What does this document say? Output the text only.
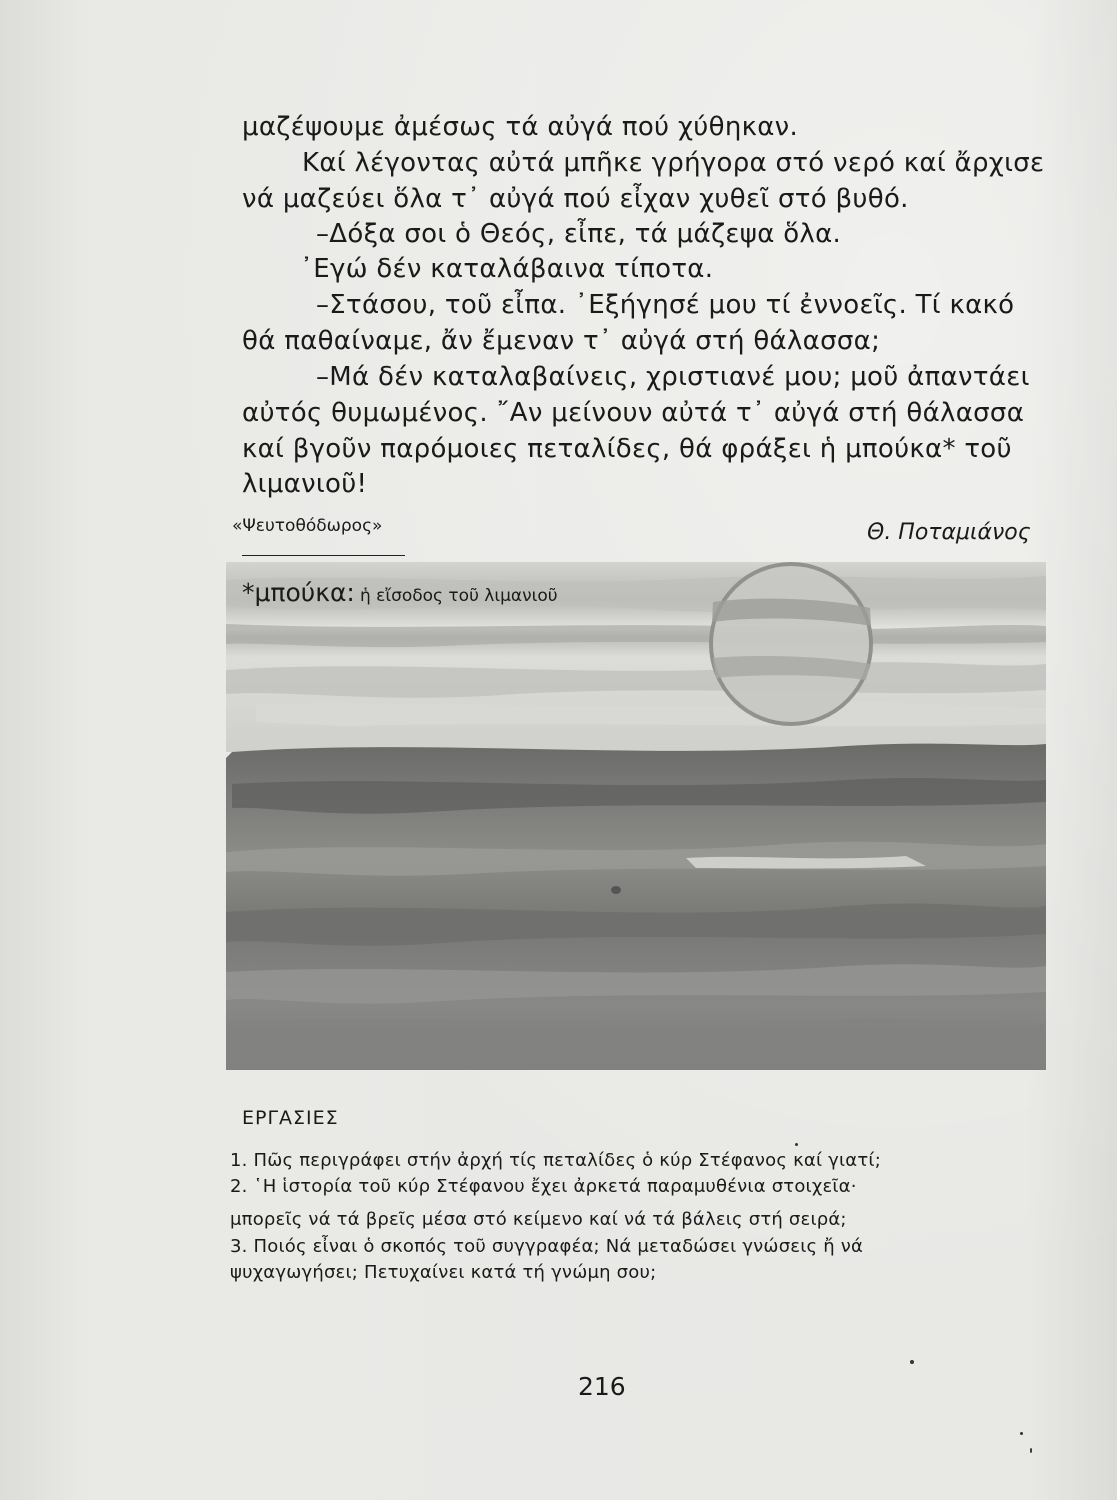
μαζέψουμε ἀμέσως τά αὐγά πού χύθηκαν.
Καί λέγοντας αὐτά μπῆκε γρήγορα στό νερό καί ἄρχισε
νά μαζεύει ὅλα τ᾽ αὐγά πού εἶχαν χυθεῖ στό βυθό.
–Δόξα σοι ὁ Θεός, εἶπε, τά μάζεψα ὅλα.
᾽Εγώ δέν καταλάβαινα τίποτα.
–Στάσου, τοῦ εἶπα. ᾽Εξήγησέ μου τί ἐννοεῖς. Τί κακό
θά παθαίναμε, ἄν ἔμεναν τ᾽ αὐγά στή θάλασσα;
–Μά δέν καταλαβαίνεις, χριστιανέ μου; μοῦ ἀπαντάει
αὐτός θυμωμένος. ῎Αν μείνουν αὐτά τ᾽ αὐγά στή θάλασσα
καί βγοῦν παρόμοιες πεταλίδες, θά φράξει ἡ μπούκα* τοῦ
λιμανιοῦ!
«Ψευτοθόδωρος»	Θ. Ποταμιάνος
*μπούκα: ἡ εἴσοδος τοῦ λιμανιοῦ
ΕΡΓΑΣΙΕΣ
1. Πῶς περιγράφει στήν ἀρχή τίς πεταλίδες ὁ κύρ Στέφανος καί γιατί;
2. ῾Η ἱστορία τοῦ κύρ Στέφανου ἔχει ἀρκετά παραμυθένια στοιχεῖα·
μπορεῖς νά τά βρεῖς μέσα στό κείμενο καί νά τά βάλεις στή σειρά;
3. Ποιός εἶναι ὁ σκοπός τοῦ συγγραφέα; Νά μεταδώσει γνώσεις ἤ νά
ψυχαγωγήσει; Πετυχαίνει κατά τή γνώμη σου;
216
